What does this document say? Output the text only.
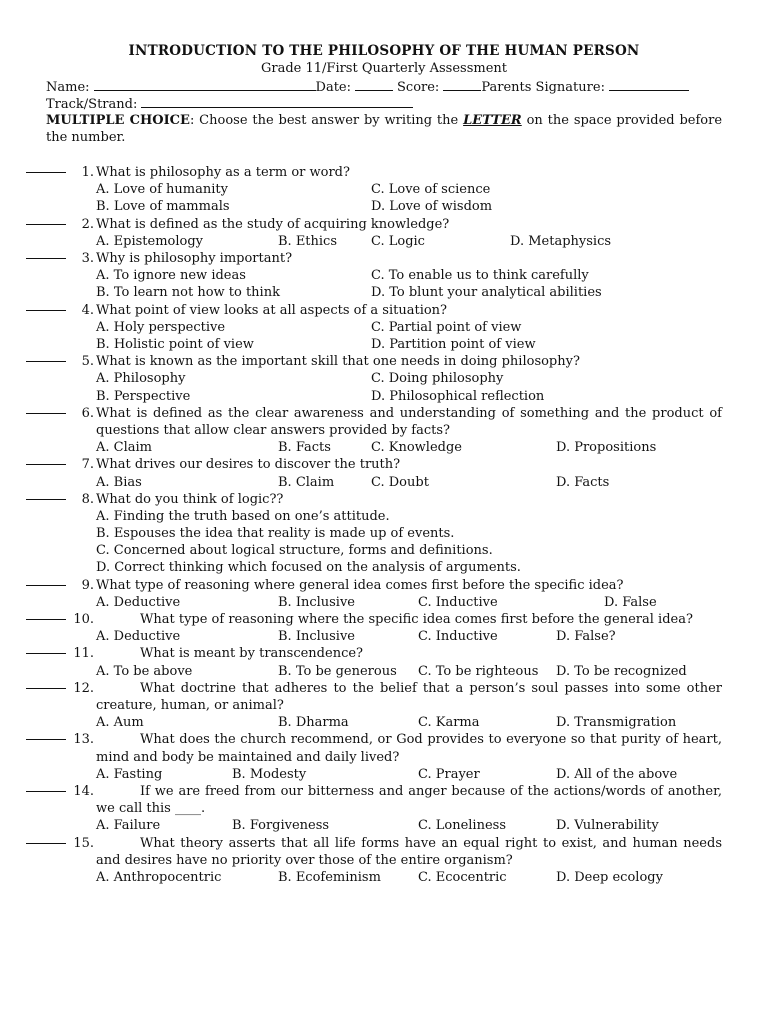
INTRODUCTION TO THE PHILOSOPHY OF THE HUMAN PERSON
Grade 11/First Quarterly Assessment
Name:	Date:	Score:	Parents Signature:
Track/Strand:
MULTIPLE CHOICE: Choose the best answer by writing the LETTER on the space provided before the number.
1. What is philosophy as a term or word?
A. Love of humanity	C. Love of science
B. Love of mammals	D. Love of wisdom
2. What is defined as the study of acquiring knowledge?
A. Epistemology	B. Ethics	C. Logic	D. Metaphysics
3. Why is philosophy important?
A. To ignore new ideas	C. To enable us to think carefully
B. To learn not how to think	D. To blunt your analytical abilities
4. What point of view looks at all aspects of a situation?
A. Holy perspective	C. Partial point of view
B. Holistic point of view	D. Partition point of view
5. What is known as the important skill that one needs in doing philosophy?
A. Philosophy	C. Doing philosophy
B. Perspective	D. Philosophical reflection
6. What is defined as the clear awareness and understanding of something and the product of questions that allow clear answers provided by facts?
A. Claim	B. Facts	C. Knowledge	D. Propositions
7. What drives our desires to discover the truth?
A. Bias	B. Claim	C. Doubt	D. Facts
8. What do you think of logic??
A. Finding the truth based on one’s attitude.
B. Espouses the idea that reality is made up of events.
C. Concerned about logical structure, forms and definitions.
D. Correct thinking which focused on the analysis of arguments.
9. What type of reasoning where general idea comes first before the specific idea?
A. Deductive	B. Inclusive	C. Inductive	D. False
10.	What type of reasoning where the specific idea comes first before the general idea?
A. Deductive	B. Inclusive	C. Inductive	D. False?
11.	What is meant by transcendence?
A. To be above	B. To be generous C. To be righteous D. To be recognized
12.	What doctrine that adheres to the belief that a person’s soul passes into some other creature, human, or animal?
A. Aum	B. Dharma	C. Karma	D. Transmigration
13.	What does the church recommend, or God provides to everyone so that purity of heart, mind and body be maintained and daily lived?
A. Fasting	B. Modesty	C. Prayer	D. All of the above
14.	If we are freed from our bitterness and anger because of the actions/words of another, we call this ____.
A. Failure	B. Forgiveness	C. Loneliness	D. Vulnerability
15.	What theory asserts that all life forms have an equal right to exist, and human needs and desires have no priority over those of the entire organism?
A. Anthropocentric	B. Ecofeminism	C. Ecocentric	D. Deep ecology
